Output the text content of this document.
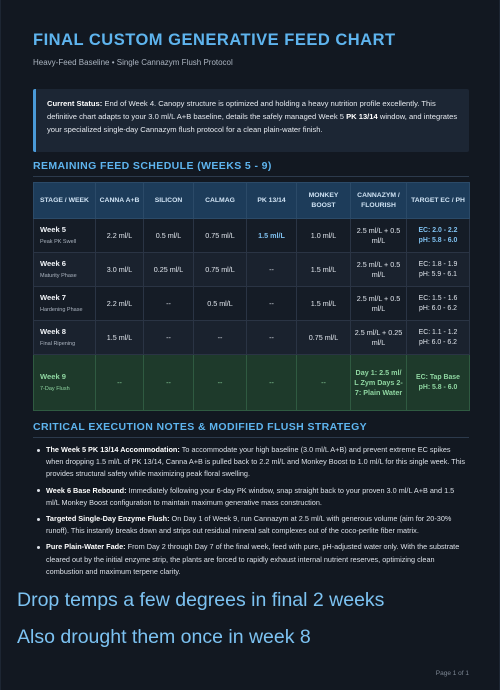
FINAL CUSTOM GENERATIVE FEED CHART
Heavy-Feed Baseline • Single Cannazym Flush Protocol
Current Status: End of Week 4. Canopy structure is optimized and holding a heavy nutrition profile excellently. This definitive chart adapts to your 3.0 ml/L A+B baseline, details the safely managed Week 5 PK 13/14 window, and integrates your specialized single-day Cannazym flush protocol for a clean plain-water finish.
REMAINING FEED SCHEDULE (WEEKS 5 - 9)
STAGE / WEEK	CANNA A+B	SILICON	CALMAG	PK 13/14	MONKEY BOOST	CANNAZYM / FLOURISH	TARGET EC / PH

Week 5
Peak PK Swell	2.2 ml/L	0.5 ml/L	0.75 ml/L	1.5 ml/L	1.0 ml/L	2.5 ml/L + 0.5 ml/L	EC: 2.0 - 2.2
pH: 5.8 - 6.0

Week 6
Maturity Phase	3.0 ml/L	0.25 ml/L	0.75 ml/L	--	1.5 ml/L	2.5 ml/L + 0.5 ml/L	EC: 1.8 - 1.9
pH: 5.9 - 6.1

Week 7
Hardening Phase	2.2 ml/L	--	0.5 ml/L	--	1.5 ml/L	2.5 ml/L + 0.5 ml/L	EC: 1.5 - 1.6
pH: 6.0 - 6.2

Week 8
Final Ripening	1.5 ml/L	--	--	--	0.75 ml/L	2.5 ml/L + 0.25 ml/L	EC: 1.1 - 1.2
pH: 6.0 - 6.2

Week 9
7-Day Flush	--	--	--	--	--	Day 1: 2.5 ml/ L Zym Days 2-7: Plain Water	EC: Tap Base
pH: 5.8 - 6.0
CRITICAL EXECUTION NOTES & MODIFIED FLUSH STRATEGY
The Week 5 PK 13/14 Accommodation: To accommodate your high baseline (3.0 ml/L A+B) and prevent extreme EC spikes when dropping 1.5 ml/L of PK 13/14, Canna A+B is pulled back to 2.2 ml/L and Monkey Boost to 1.0 ml/L for this single week. This provides structural safety while maximizing peak floral swelling.
Week 6 Base Rebound: Immediately following your 6-day PK window, snap straight back to your proven 3.0 ml/L A+B and 1.5 ml/L Monkey Boost configuration to maintain maximum generative mass construction.
Targeted Single-Day Enzyme Flush: On Day 1 of Week 9, run Cannazym at 2.5 ml/L with generous volume (aim for 20-30% runoff). This instantly breaks down and strips out residual mineral salt complexes out of the coco-perlite fiber matrix.
Pure Plain-Water Fade: From Day 2 through Day 7 of the final week, feed with pure, pH-adjusted water only. With the substrate cleared out by the initial enzyme strip, the plants are forced to rapidly exhaust internal nutrient reserves, optimizing clean combustion and maximum terpene clarity.
Drop temps a few degrees in final 2 weeks
Also drought them once in week 8
Page 1 of 1
